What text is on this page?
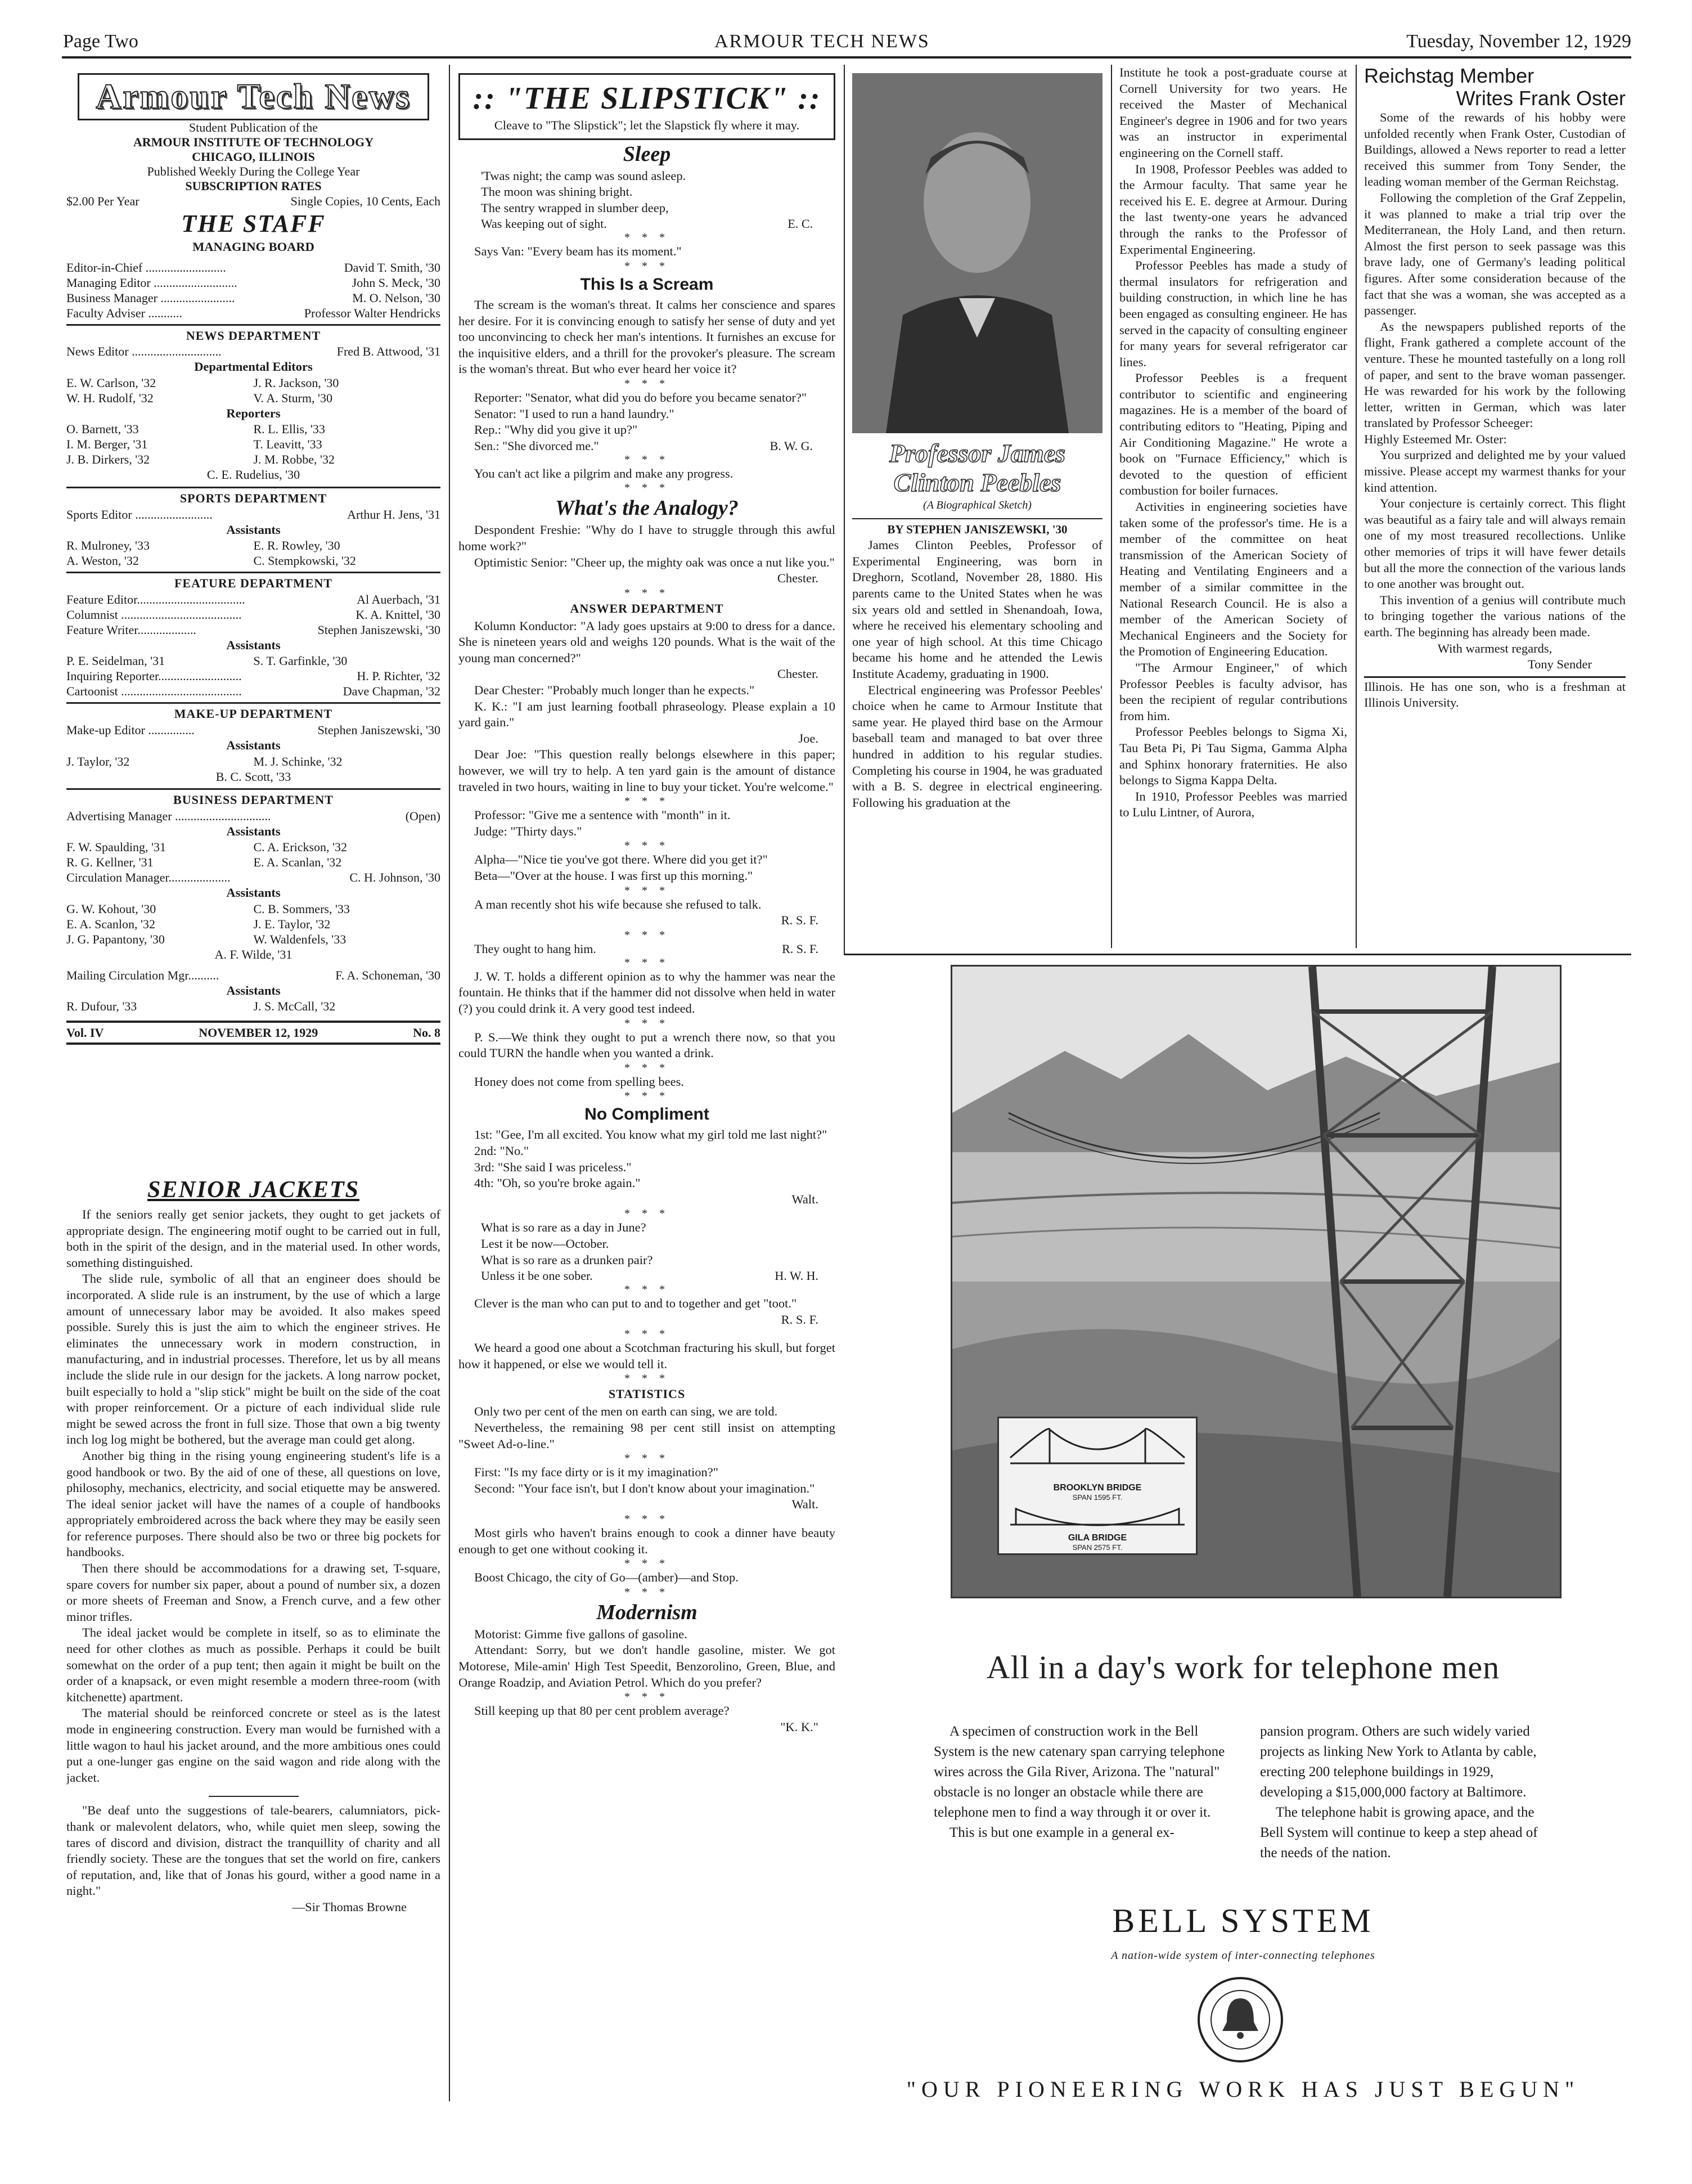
Page Two	ARMOUR TECH NEWS	Tuesday, November 12, 1929
Armour Tech News
Student Publication of the
ARMOUR INSTITUTE OF TECHNOLOGY
CHICAGO, ILLINOIS
Published Weekly During the College Year
SUBSCRIPTION RATES
$2.00 Per Year	Single Copies, 10 Cents, Each
THE STAFF
MANAGING BOARD
Editor-in-Chief ..........................	David T. Smith, '30
Managing Editor ...........................	John S. Meck, '30
Business Manager ........................	M. O. Nelson, '30
Faculty Adviser ...........	Professor Walter Hendricks
NEWS DEPARTMENT
News Editor .............................	Fred B. Attwood, '31
Departmental Editors
E. W. Carlson, '32	J. R. Jackson, '30
W. H. Rudolf, '32	V. A. Sturm, '30
Reporters
O. Barnett, '33	R. L. Ellis, '33
I. M. Berger, '31	T. Leavitt, '33
J. B. Dirkers, '32	J. M. Robbe, '32
C. E. Rudelius, '30
SPORTS DEPARTMENT
Sports Editor .........................	Arthur H. Jens, '31
Assistants
R. Mulroney, '33	E. R. Rowley, '30
A. Weston, '32	C. Stempkowski, '32
FEATURE DEPARTMENT
Feature Editor...................................	Al Auerbach, '31
Columnist .......................................	K. A. Knittel, '30
Feature Writer...................	Stephen Janiszewski, '30
Assistants
P. E. Seidelman, '31	S. T. Garfinkle, '30
Inquiring Reporter...........................	H. P. Richter, '32
Cartoonist .......................................	Dave Chapman, '32
MAKE-UP DEPARTMENT
Make-up Editor ...............	Stephen Janiszewski, '30
Assistants
J. Taylor, '32	M. J. Schinke, '32
B. C. Scott, '33
BUSINESS DEPARTMENT
Advertising Manager ...............................	(Open)
Assistants
F. W. Spaulding, '31	C. A. Erickson, '32
R. G. Kellner, '31	E. A. Scanlan, '32
Circulation Manager....................	C. H. Johnson, '30
Assistants
G. W. Kohout, '30	C. B. Sommers, '33
E. A. Scanlon, '32	J. E. Taylor, '32
J. G. Papantony, '30	W. Waldenfels, '33
A. F. Wilde, '31
Mailing Circulation Mgr..........	F. A. Schoneman, '30
Assistants
R. Dufour, '33	J. S. McCall, '32
Vol. IV	NOVEMBER 12, 1929	No. 8
SENIOR JACKETS

If the seniors really get senior jackets, they ought to get jackets of appropriate design. The engineering motif ought to be carried out in full, both in the spirit of the design, and in the material used. In other words, something distinguished.

The slide rule, symbolic of all that an engineer does should be incorporated. A slide rule is an instrument, by the use of which a large amount of unnecessary labor may be avoided. It also makes speed possible. Surely this is just the aim to which the engineer strives. He eliminates the unnecessary work in modern construction, in manufacturing, and in industrial processes. Therefore, let us by all means include the slide rule in our design for the jackets. A long narrow pocket, built especially to hold a "slip stick" might be built on the side of the coat with proper reinforcement. Or a picture of each individual slide rule might be sewed across the front in full size. Those that own a big twenty inch log log might be bothered, but the average man could get along.

Another big thing in the rising young engineering student's life is a good handbook or two. By the aid of one of these, all questions on love, philosophy, mechanics, electricity, and social etiquette may be answered. The ideal senior jacket will have the names of a couple of handbooks appropriately embroidered across the back where they may be easily seen for reference purposes. There should also be two or three big pockets for handbooks.

Then there should be accommodations for a drawing set, T-square, spare covers for number six paper, about a pound of number six, a dozen or more sheets of Freeman and Snow, a French curve, and a few other minor trifles.

The ideal jacket would be complete in itself, so as to eliminate the need for other clothes as much as possible. Perhaps it could be built somewhat on the order of a pup tent; then again it might be built on the order of a knapsack, or even might resemble a modern three-room (with kitchenette) apartment.

The material should be reinforced concrete or steel as is the latest mode in engineering construction. Every man would be furnished with a little wagon to haul his jacket around, and the more ambitious ones could put a one-lunger gas engine on the said wagon and ride along with the jacket.

"Be deaf unto the suggestions of tale-bearers, calumniators, pick-thank or malevolent delators, who, while quiet men sleep, sowing the tares of discord and division, distract the tranquillity of charity and all friendly society. These are the tongues that set the world on fire, cankers of reputation, and, like that of Jonas his gourd, wither a good name in a night."

—Sir Thomas Browne
:: "THE SLIPSTICK" ::
Cleave to "The Slipstick"; let the Slapstick fly where it may.
Sleep
'Twas night; the camp was sound asleep.
The moon was shining bright.
The sentry wrapped in slumber deep,
Was keeping out of sight.	E. C.
* * *

Says Van: "Every beam has its moment."

* * *
This Is a Scream

The scream is the woman's threat. It calms her conscience and spares her desire. For it is convincing enough to satisfy her sense of duty and yet too unconvincing to check her man's intentions. It furnishes an excuse for the inquisitive elders, and a thrill for the provoker's pleasure. The scream is the woman's threat. But who ever heard her voice it?

* * *

Reporter: "Senator, what did you do before you became senator?"

Senator: "I used to run a hand laundry."

Rep.: "Why did you give it up?"

Sen.: "She divorced me."	B. W. G.
* * *

You can't act like a pilgrim and make any progress.

* * *
What's the Analogy?

Despondent Freshie: "Why do I have to struggle through this awful home work?"

Optimistic Senior: "Cheer up, the mighty oak was once a nut like you."

Chester.
* * *
ANSWER DEPARTMENT

Kolumn Konductor: "A lady goes upstairs at 9:00 to dress for a dance. She is nineteen years old and weighs 120 pounds. What is the wait of the young man concerned?"

Chester.

Dear Chester: "Probably much longer than he expects."

K. K.: "I am just learning football phraseology. Please explain a 10 yard gain."

Joe.

Dear Joe: "This question really belongs elsewhere in this paper; however, we will try to help. A ten yard gain is the amount of distance traveled in two hours, waiting in line to buy your ticket. You're welcome."

* * *

Professor: "Give me a sentence with "month" in it.

Judge: "Thirty days."

* * *

Alpha—"Nice tie you've got there. Where did you get it?"

Beta—"Over at the house. I was first up this morning."

* * *

A man recently shot his wife because she refused to talk.

R. S. F.
* * *
They ought to hang him.	R. S. F.
* * *

J. W. T. holds a different opinion as to why the hammer was near the fountain. He thinks that if the hammer did not dissolve when held in water (?) you could drink it. A very good test indeed.

* * *

P. S.—We think they ought to put a wrench there now, so that you could TURN the handle when you wanted a drink.

* * *

Honey does not come from spelling bees.

* * *
No Compliment

1st: "Gee, I'm all excited. You know what my girl told me last night?"

2nd: "No."

3rd: "She said I was priceless."

4th: "Oh, so you're broke again."

Walt.
* * *
What is so rare as a day in June?
Lest it be now—October.
What is so rare as a drunken pair?
Unless it be one sober.	H. W. H.
* * *

Clever is the man who can put to and to together and get "toot."

R. S. F.
* * *

We heard a good one about a Scotchman fracturing his skull, but forget how it happened, or else we would tell it.

* * *
STATISTICS

Only two per cent of the men on earth can sing, we are told.

Nevertheless, the remaining 98 per cent still insist on attempting "Sweet Ad-o-line."

* * *

First: "Is my face dirty or is it my imagination?"

Second: "Your face isn't, but I don't know about your imagination."

Walt.
* * *

Most girls who haven't brains enough to cook a dinner have beauty enough to get one without cooking it.

* * *

Boost Chicago, the city of Go—(amber)—and Stop.

* * *
Modernism

Motorist: Gimme five gallons of gasoline.

Attendant: Sorry, but we don't handle gasoline, mister. We got Motorese, Mile-amin' High Test Speedit, Benzorolino, Green, Blue, and Orange Roadzip, and Aviation Petrol. Which do you prefer?

* * *

Still keeping up that 80 per cent problem average?

"K. K."
Professor James Clinton Peebles
(A Biographical Sketch)
BY STEPHEN JANISZEWSKI, '30

James Clinton Peebles, Professor of Experimental Engineering, was born in Dreghorn, Scotland, November 28, 1880. His parents came to the United States when he was six years old and settled in Shenandoah, Iowa, where he received his elementary schooling and one year of high school. At this time Chicago became his home and he attended the Lewis Institute Academy, graduating in 1900.

Electrical engineering was Professor Peebles' choice when he came to Armour Institute that same year. He played third base on the Armour baseball team and managed to bat over three hundred in addition to his regular studies. Completing his course in 1904, he was graduated with a B. S. degree in electrical engineering. Following his graduation at the

Institute he took a post-graduate course at Cornell University for two years. He received the Master of Mechanical Engineer's degree in 1906 and for two years was an instructor in experimental engineering on the Cornell staff.

In 1908, Professor Peebles was added to the Armour faculty. That same year he received his E. E. degree at Armour. During the last twenty-one years he advanced through the ranks to the Professor of Experimental Engineering.

Professor Peebles has made a study of thermal insulators for refrigeration and building construction, in which line he has been engaged as consulting engineer. He has served in the capacity of consulting engineer for many years for several refrigerator car lines.

Professor Peebles is a frequent contributor to scientific and engineering magazines. He is a member of the board of contributing editors to "Heating, Piping and Air Conditioning Magazine." He wrote a book on "Furnace Efficiency," which is devoted to the question of efficient combustion for boiler furnaces.

Activities in engineering societies have taken some of the professor's time. He is a member of the committee on heat transmission of the American Society of Heating and Ventilating Engineers and a member of a similar committee in the National Research Council. He is also a member of the American Society of Mechanical Engineers and the Society for the Promotion of Engineering Education.

"The Armour Engineer," of which Professor Peebles is faculty advisor, has been the recipient of regular contributions from him.

Professor Peebles belongs to Sigma Xi, Tau Beta Pi, Pi Tau Sigma, Gamma Alpha and Sphinx honorary fraternities. He also belongs to Sigma Kappa Delta.

In 1910, Professor Peebles was married to Lulu Lintner, of Aurora,

Reichstag Member
Writes Frank Oster

Some of the rewards of his hobby were unfolded recently when Frank Oster, Custodian of Buildings, allowed a News reporter to read a letter received this summer from Tony Sender, the leading woman member of the German Reichstag.

Following the completion of the Graf Zeppelin, it was planned to make a trial trip over the Mediterranean, the Holy Land, and then return. Almost the first person to seek passage was this brave lady, one of Germany's leading political figures. After some consideration because of the fact that she was a woman, she was accepted as a passenger.

As the newspapers published reports of the flight, Frank gathered a complete account of the venture. These he mounted tastefully on a long roll of paper, and sent to the brave woman passenger. He was rewarded for his work by the following letter, written in German, which was later translated by Professor Scheeger:

Highly Esteemed Mr. Oster:

You surprized and delighted me by your valued missive. Please accept my warmest thanks for your kind attention.

Your conjecture is certainly correct. This flight was beautiful as a fairy tale and will always remain one of my most treasured recollections. Unlike other memories of trips it will have fewer details but all the more the connection of the various lands to one another was brought out.

This invention of a genius will contribute much to bringing together the various nations of the earth. The beginning has already been made.

With warmest regards,
Tony Sender

Illinois. He has one son, who is a freshman at Illinois University.

BROOKLYN BRIDGE
SPAN 1595 FT.
GILA BRIDGE
SPAN 2575 FT.
All in a day's work for telephone men
A specimen of construction work in the Bell System is the new catenary span carrying telephone wires across the Gila River, Arizona. The "natural" obstacle is no longer an obstacle while there are telephone men to find a way through it or over it.
This is but one example in a general ex-
pansion program. Others are such widely varied projects as linking New York to Atlanta by cable, erecting 200 telephone buildings in 1929, developing a $15,000,000 factory at Baltimore.
The telephone habit is growing apace, and the Bell System will continue to keep a step ahead of the needs of the nation.
BELL SYSTEM
A nation-wide system of inter-connecting telephones
"OUR PIONEERING WORK HAS JUST BEGUN"
